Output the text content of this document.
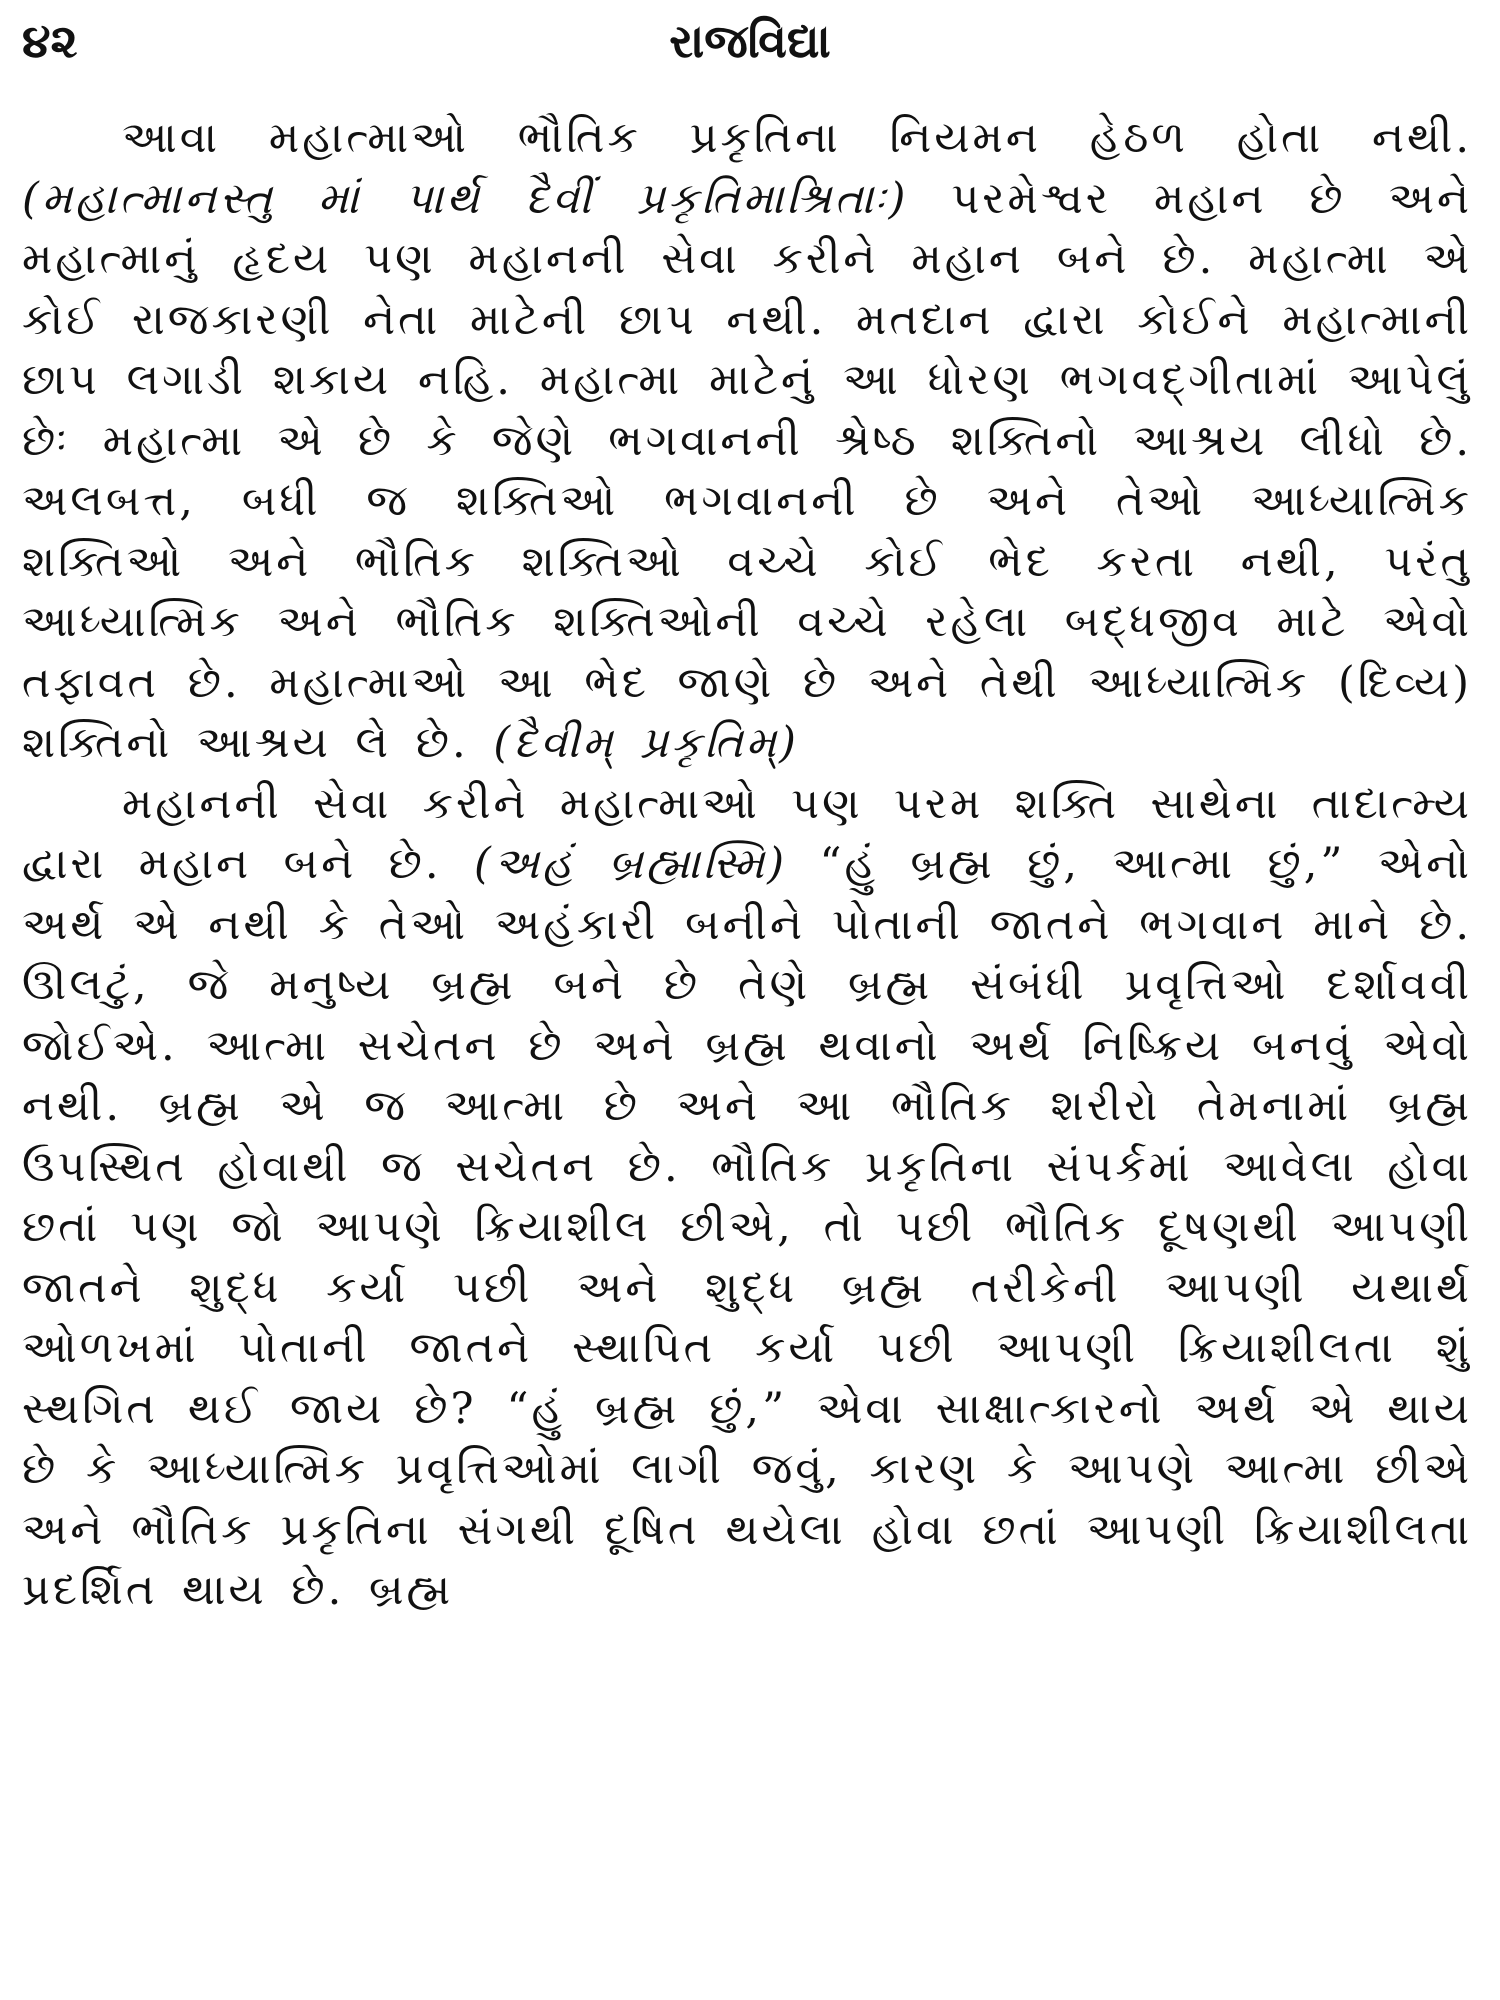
૪૨	રાજવિદ્યા

આવા મહાત્માઓ ભૌતિક પ્રકૃતિના નિયમન હેઠળ હોતા નથી. (મહાત્માનસ્તુ માં પાર્થ દૈવીં પ્રકૃતિમાશ્રિતાઃ) પરમેશ્વર મહાન છે અને મહાત્માનું હૃદય પણ મહાનની સેવા કરીને મહાન બને છે. મહાત્મા એ કોઈ રાજકારણી નેતા માટેની છાપ નથી. મતદાન દ્વારા કોઈને મહાત્માની છાપ લગાડી શકાય નહિ. મહાત્મા માટેનું આ ધોરણ ભગવદ્ગીતામાં આપેલું છેઃ મહાત્મા એ છે કે જેણે ભગવાનની શ્રેષ્ઠ શક્તિનો આશ્રય લીધો છે. અલબત્ત, બધી જ શક્તિઓ ભગવાનની છે અને તેઓ આધ્યાત્મિક શક્તિઓ અને ભૌતિક શક્તિઓ વચ્ચે કોઈ ભેદ કરતા નથી, પરંતુ આધ્યાત્મિક અને ભૌતિક શક્તિઓની વચ્ચે રહેલા બદ્ધજીવ માટે એવો તફાવત છે. મહાત્માઓ આ ભેદ જાણે છે અને તેથી આધ્યાત્મિક (દિવ્ય) શક્તિનો આશ્રય લે છે. (દૈવીમ્ પ્રકૃતિમ્)

મહાનની સેવા કરીને મહાત્માઓ પણ પરમ શક્તિ સાથેના તાદાત્મ્ય દ્વારા મહાન બને છે. (અહં બ્રહ્માસ્મિ) “હું બ્રહ્મ છું, આત્મા છું,” એનો અર્થ એ નથી કે તેઓ અહંકારી બનીને પોતાની જાતને ભગવાન માને છે. ઊલટું, જે મનુષ્ય બ્રહ્મ બને છે તેણે બ્રહ્મ સંબંધી પ્રવૃત્તિઓ દર્શાવવી જોઈએ. આત્મા સચેતન છે અને બ્રહ્મ થવાનો અર્થ નિષ્ક્રિય બનવું એવો નથી. બ્રહ્મ એ જ આત્મા છે અને આ ભૌતિક શરીરો તેમનામાં બ્રહ્મ ઉપસ્થિત હોવાથી જ સચેતન છે. ભૌતિક પ્રકૃતિના સંપર્કમાં આવેલા હોવા છતાં પણ જો આપણે ક્રિયાશીલ છીએ, તો પછી ભૌતિક દૂષણથી આપણી જાતને શુદ્ધ કર્યા પછી અને શુદ્ધ બ્રહ્મ તરીકેની આપણી યથાર્થ ઓળખમાં પોતાની જાતને સ્થાપિત કર્યા પછી આપણી ક્રિયાશીલતા શું સ્થગિત થઈ જાય છે? “હું બ્રહ્મ છું,” એવા સાક્ષાત્કારનો અર્થ એ થાય છે કે આધ્યાત્મિક પ્રવૃત્તિઓમાં લાગી જવું, કારણ કે આપણે આત્મા છીએ અને ભૌતિક પ્રકૃતિના સંગથી દૂષિત થયેલા હોવા છતાં આપણી ક્રિયાશીલતા પ્રદર્શિત થાય છે. બ્રહ્મ
